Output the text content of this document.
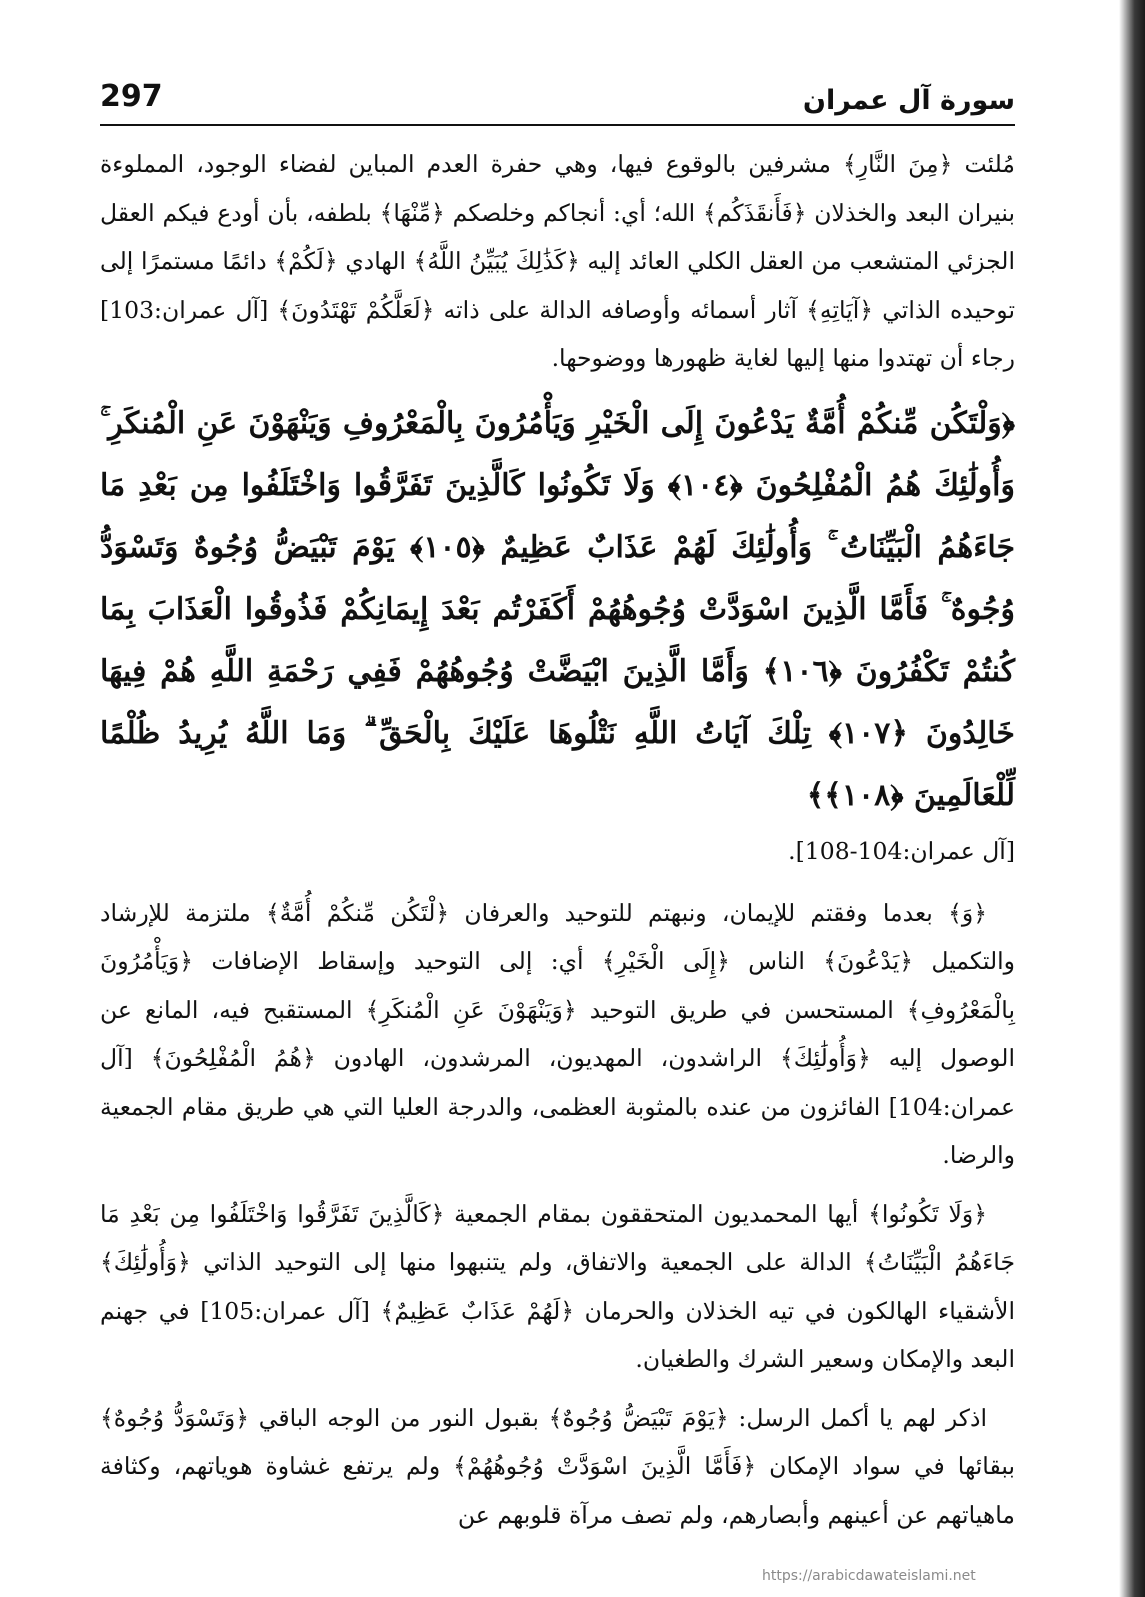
297	سورة آل عمران

مُلئت ﴿مِنَ النَّارِ﴾ مشرفين بالوقوع فيها، وهي حفرة العدم المباين لفضاء الوجود، المملوءة بنيران البعد والخذلان ﴿فَأَنقَذَكُم﴾ الله؛ أي: أنجاكم وخلصكم ﴿مِّنْهَا﴾ بلطفه، بأن أودع فيكم العقل الجزئي المتشعب من العقل الكلي العائد إليه ﴿كَذَٰلِكَ يُبَيِّنُ اللَّهُ﴾ الهادي ﴿لَكُمْ﴾ دائمًا مستمرًا إلى توحيده الذاتي ﴿آيَاتِهِ﴾ آثار أسمائه وأوصافه الدالة على ذاته ﴿لَعَلَّكُمْ تَهْتَدُونَ﴾ [آل عمران:103] رجاء أن تهتدوا منها إليها لغاية ظهورها ووضوحها.

﴿وَلْتَكُن مِّنكُمْ أُمَّةٌ يَدْعُونَ إِلَى الْخَيْرِ وَيَأْمُرُونَ بِالْمَعْرُوفِ وَيَنْهَوْنَ عَنِ الْمُنكَرِ ۚ وَأُولَٰئِكَ هُمُ الْمُفْلِحُونَ ﴿١٠٤﴾ وَلَا تَكُونُوا كَالَّذِينَ تَفَرَّقُوا وَاخْتَلَفُوا مِن بَعْدِ مَا جَاءَهُمُ الْبَيِّنَاتُ ۚ وَأُولَٰئِكَ لَهُمْ عَذَابٌ عَظِيمٌ ﴿١٠٥﴾ يَوْمَ تَبْيَضُّ وُجُوهٌ وَتَسْوَدُّ وُجُوهٌ ۚ فَأَمَّا الَّذِينَ اسْوَدَّتْ وُجُوهُهُمْ أَكَفَرْتُم بَعْدَ إِيمَانِكُمْ فَذُوقُوا الْعَذَابَ بِمَا كُنتُمْ تَكْفُرُونَ ﴿١٠٦﴾ وَأَمَّا الَّذِينَ ابْيَضَّتْ وُجُوهُهُمْ فَفِي رَحْمَةِ اللَّهِ هُمْ فِيهَا خَالِدُونَ ﴿١٠٧﴾ تِلْكَ آيَاتُ اللَّهِ نَتْلُوهَا عَلَيْكَ بِالْحَقِّ ۗ وَمَا اللَّهُ يُرِيدُ ظُلْمًا لِّلْعَالَمِينَ ﴿١٠٨﴾﴾

[آل عمران:104-108].

﴿وَ﴾ بعدما وفقتم للإيمان، ونبهتم للتوحيد والعرفان ﴿لْتَكُن مِّنكُمْ أُمَّةٌ﴾ ملتزمة للإرشاد والتكميل ﴿يَدْعُونَ﴾ الناس ﴿إِلَى الْخَيْرِ﴾ أي: إلى التوحيد وإسقاط الإضافات ﴿وَيَأْمُرُونَ بِالْمَعْرُوفِ﴾ المستحسن في طريق التوحيد ﴿وَيَنْهَوْنَ عَنِ الْمُنكَرِ﴾ المستقبح فيه، المانع عن الوصول إليه ﴿وَأُولَٰئِكَ﴾ الراشدون، المهديون، المرشدون، الهادون ﴿هُمُ الْمُفْلِحُونَ﴾ [آل عمران:104] الفائزون من عنده بالمثوبة العظمى، والدرجة العليا التي هي طريق مقام الجمعية والرضا.

﴿وَلَا تَكُونُوا﴾ أيها المحمديون المتحققون بمقام الجمعية ﴿كَالَّذِينَ تَفَرَّقُوا وَاخْتَلَفُوا مِن بَعْدِ مَا جَاءَهُمُ الْبَيِّنَاتُ﴾ الدالة على الجمعية والاتفاق، ولم يتنبهوا منها إلى التوحيد الذاتي ﴿وَأُولَٰئِكَ﴾ الأشقياء الهالكون في تيه الخذلان والحرمان ﴿لَهُمْ عَذَابٌ عَظِيمٌ﴾ [آل عمران:105] في جهنم البعد والإمكان وسعير الشرك والطغيان.

اذكر لهم يا أكمل الرسل: ﴿يَوْمَ تَبْيَضُّ وُجُوهٌ﴾ بقبول النور من الوجه الباقي ﴿وَتَسْوَدُّ وُجُوهٌ﴾ ببقائها في سواد الإمكان ﴿فَأَمَّا الَّذِينَ اسْوَدَّتْ وُجُوهُهُمْ﴾ ولم يرتفع غشاوة هوياتهم، وكثافة ماهياتهم عن أعينهم وأبصارهم، ولم تصف مرآة قلوبهم عن

https://arabicdawateislami.net
